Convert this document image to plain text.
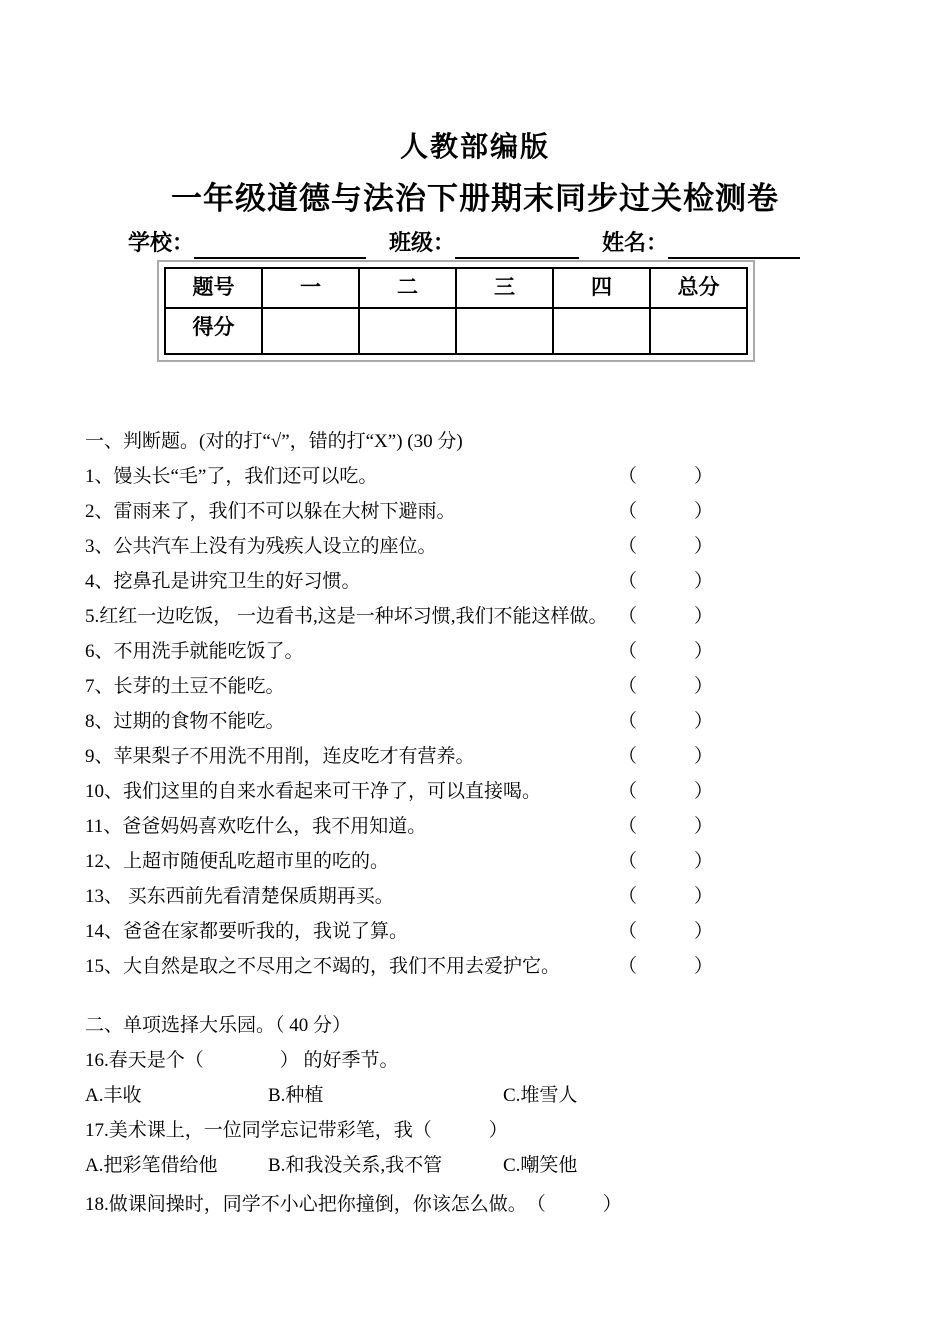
人教部编版
一年级道德与法治下册期末同步过关检测卷
学校：	班级：	姓名：
题号	一	二	三	四	总分
得分					
一、判断题。(对的打“√”，错的打“X”) (30 分)
1、馒头长“毛”了，我们还可以吃。	（　　　）
2、雷雨来了，我们不可以躲在大树下避雨。	（　　　）
3、公共汽车上没有为残疾人设立的座位。	（　　　）
4、挖鼻孔是讲究卫生的好习惯。	（　　　）
5.红红一边吃饭， 一边看书,这是一种坏习惯,我们不能这样做。 （　　　）
6、不用洗手就能吃饭了。	（　　　）
7、长芽的土豆不能吃。	（　　　）
8、过期的食物不能吃。	（　　　）
9、苹果梨子不用洗不用削，连皮吃才有营养。	（　　　）
10、我们这里的自来水看起来可干净了，可以直接喝。	（　　　）
11、爸爸妈妈喜欢吃什么，我不用知道。	（　　　）
12、上超市随便乱吃超市里的吃的。	（　　　）
13、 买东西前先看清楚保质期再买。	（　　　）
14、爸爸在家都要听我的，我说了算。	（　　　）
15、大自然是取之不尽用之不竭的，我们不用去爱护它。	（　　　）
二、单项选择大乐园。（ 40 分）
16.春天是个（　　　　） 的好季节。
A.丰收	B.种植	C.堆雪人
17.美术课上，一位同学忘记带彩笔，我（　　　）
A.把彩笔借给他	B.和我没关系,我不管	C.嘲笑他
18.做课间操时，同学不小心把你撞倒，你该怎么做。　（　　　）
